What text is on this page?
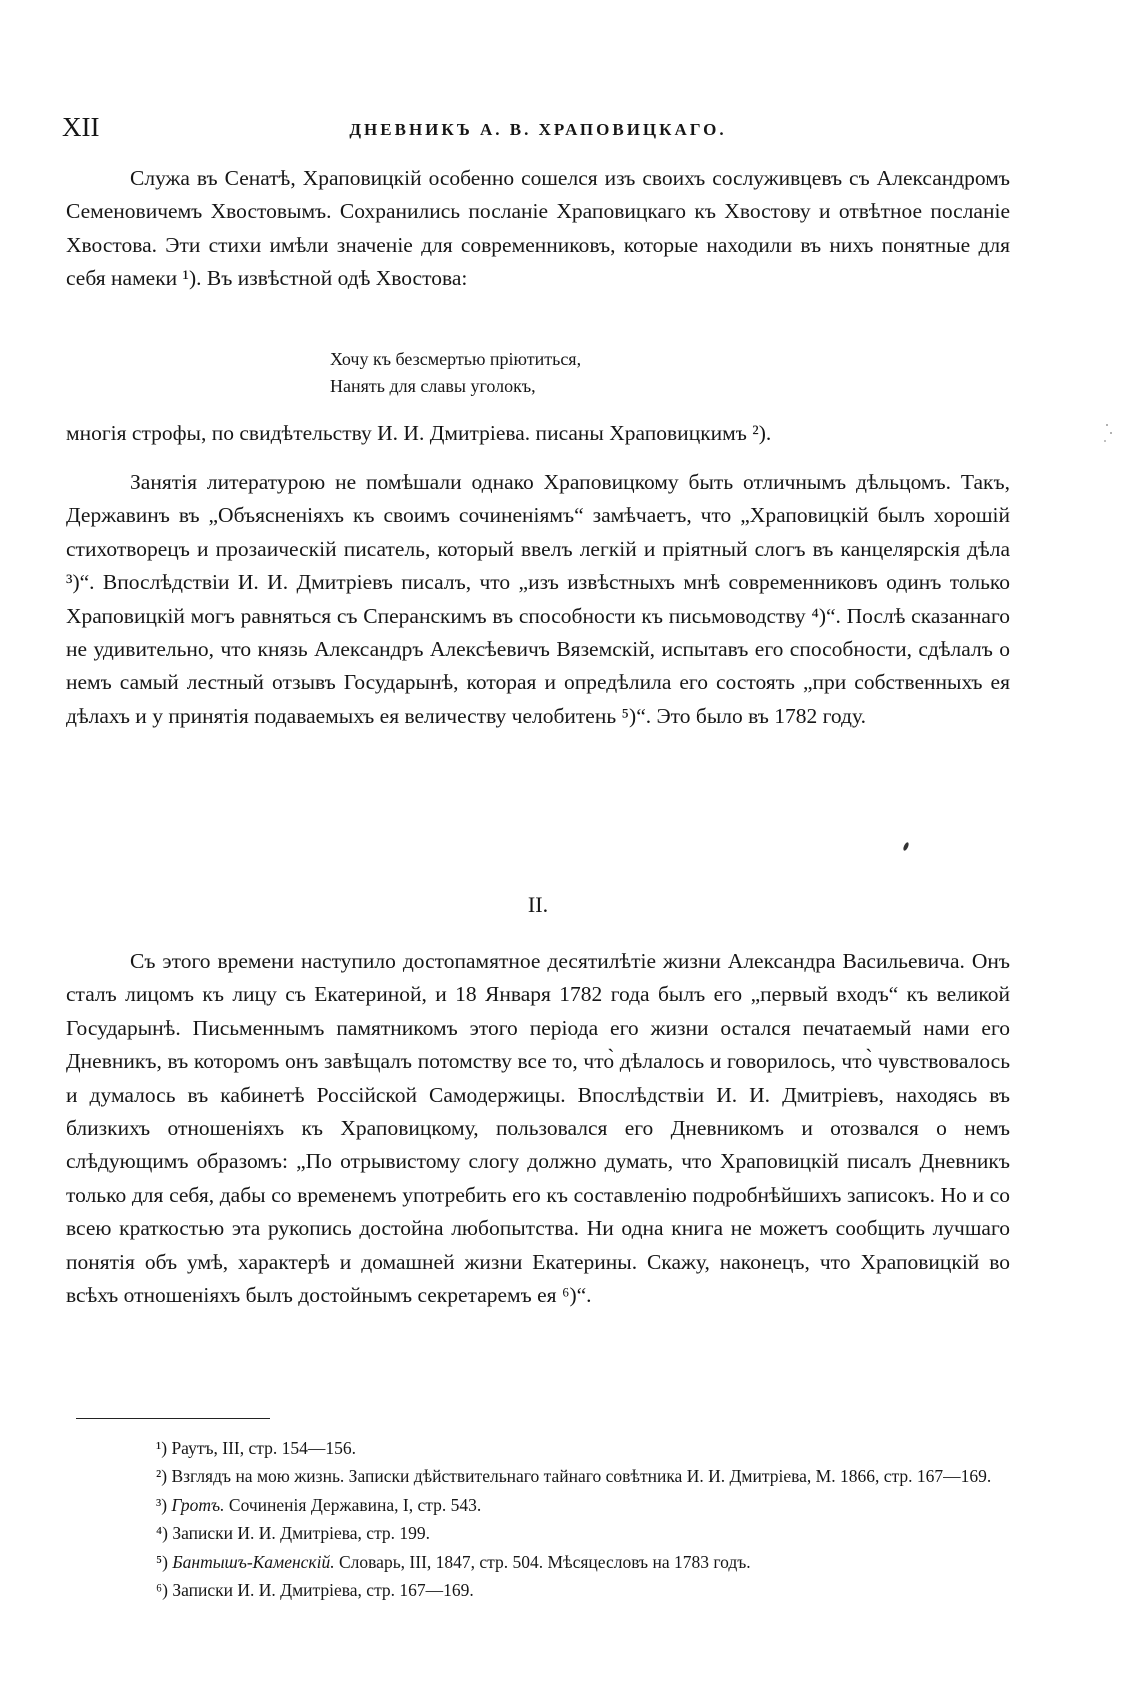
XII	ДНЕВНИКЪ А. В. ХРАПОВИЦКАГО.

Служа въ Сенатѣ, Храповицкій особенно сошелся изъ своихъ сослуживцевъ съ Александромъ Семеновичемъ Хвостовымъ. Сохранились посланіе Храповицкаго къ Хвостову и отвѣтное посланіе Хвостова. Эти стихи имѣли значеніе для современниковъ, которые находили въ нихъ понятные для себя намеки ¹). Въ извѣстной одѣ Хвостова:

Хочу къ безсмертью пріютиться,
Нанять для славы уголокъ,

многія строфы, по свидѣтельству И. И. Дмитріева. писаны Храповицкимъ ²).

Занятія литературою не помѣшали однако Храповицкому быть отличнымъ дѣльцомъ. Такъ, Державинъ въ „Объясненіяхъ къ своимъ сочиненіямъ“ замѣчаетъ, что „Храповицкій былъ хорошій стихотворецъ и прозаическій писатель, который ввелъ легкій и пріятный слогъ въ канцелярскія дѣла ³)“. Впослѣдствіи И. И. Дмитріевъ писалъ, что „изъ извѣстныхъ мнѣ современниковъ одинъ только Храповицкій могъ равняться съ Сперанскимъ въ способности къ письмоводству ⁴)“. Послѣ сказаннаго не удивительно, что князь Александръ Алексѣевичъ Вяземскій, испытавъ его способности, сдѣлалъ о немъ самый лестный отзывъ Государынѣ, которая и опредѣлила его состоять „при собственныхъ ея дѣлахъ и у принятія подаваемыхъ ея величеству челобитень ⁵)“. Это было въ 1782 году.

II.

Съ этого времени наступило достопамятное десятилѣтіе жизни Александра Васильевича. Онъ сталъ лицомъ къ лицу съ Екатериной, и 18 Января 1782 года былъ его „первый входъ“ къ великой Государынѣ. Письменнымъ памятникомъ этого періода его жизни остался печатаемый нами его Дневникъ, въ которомъ онъ завѣщалъ потомству все то, что̀ дѣлалось и говорилось, что̀ чувствовалось и думалось въ кабинетѣ Россійской Самодержицы. Впослѣдствіи И. И. Дмитріевъ, находясь въ близкихъ отношеніяхъ къ Храповицкому, пользовался его Дневникомъ и отозвался о немъ слѣдующимъ образомъ: „По отрывистому слогу должно думать, что Храповицкій писалъ Дневникъ только для себя, дабы со временемъ употребить его къ составленію подробнѣйшихъ записокъ. Но и со всею краткостью эта рукопись достойна любопытства. Ни одна книга не можетъ сообщить лучшаго понятія объ умѣ, характерѣ и домашней жизни Екатерины. Скажу, наконецъ, что Храповицкій во всѣхъ отношеніяхъ былъ достойнымъ секретаремъ ея ⁶)“.

¹) Раутъ, III, стр. 154—156.

²) Взглядъ на мою жизнь. Записки дѣйствительнаго тайнаго совѣтника И. И. Дмитріева, М. 1866, стр. 167—169.

³) Гротъ. Сочиненія Державина, I, стр. 543.

⁴) Записки И. И. Дмитріева, стр. 199.

⁵) Бантышъ-Каменскій. Словарь, III, 1847, стр. 504. Мѣсяцесловъ на 1783 годъ.

⁶) Записки И. И. Дмитріева, стр. 167—169.
